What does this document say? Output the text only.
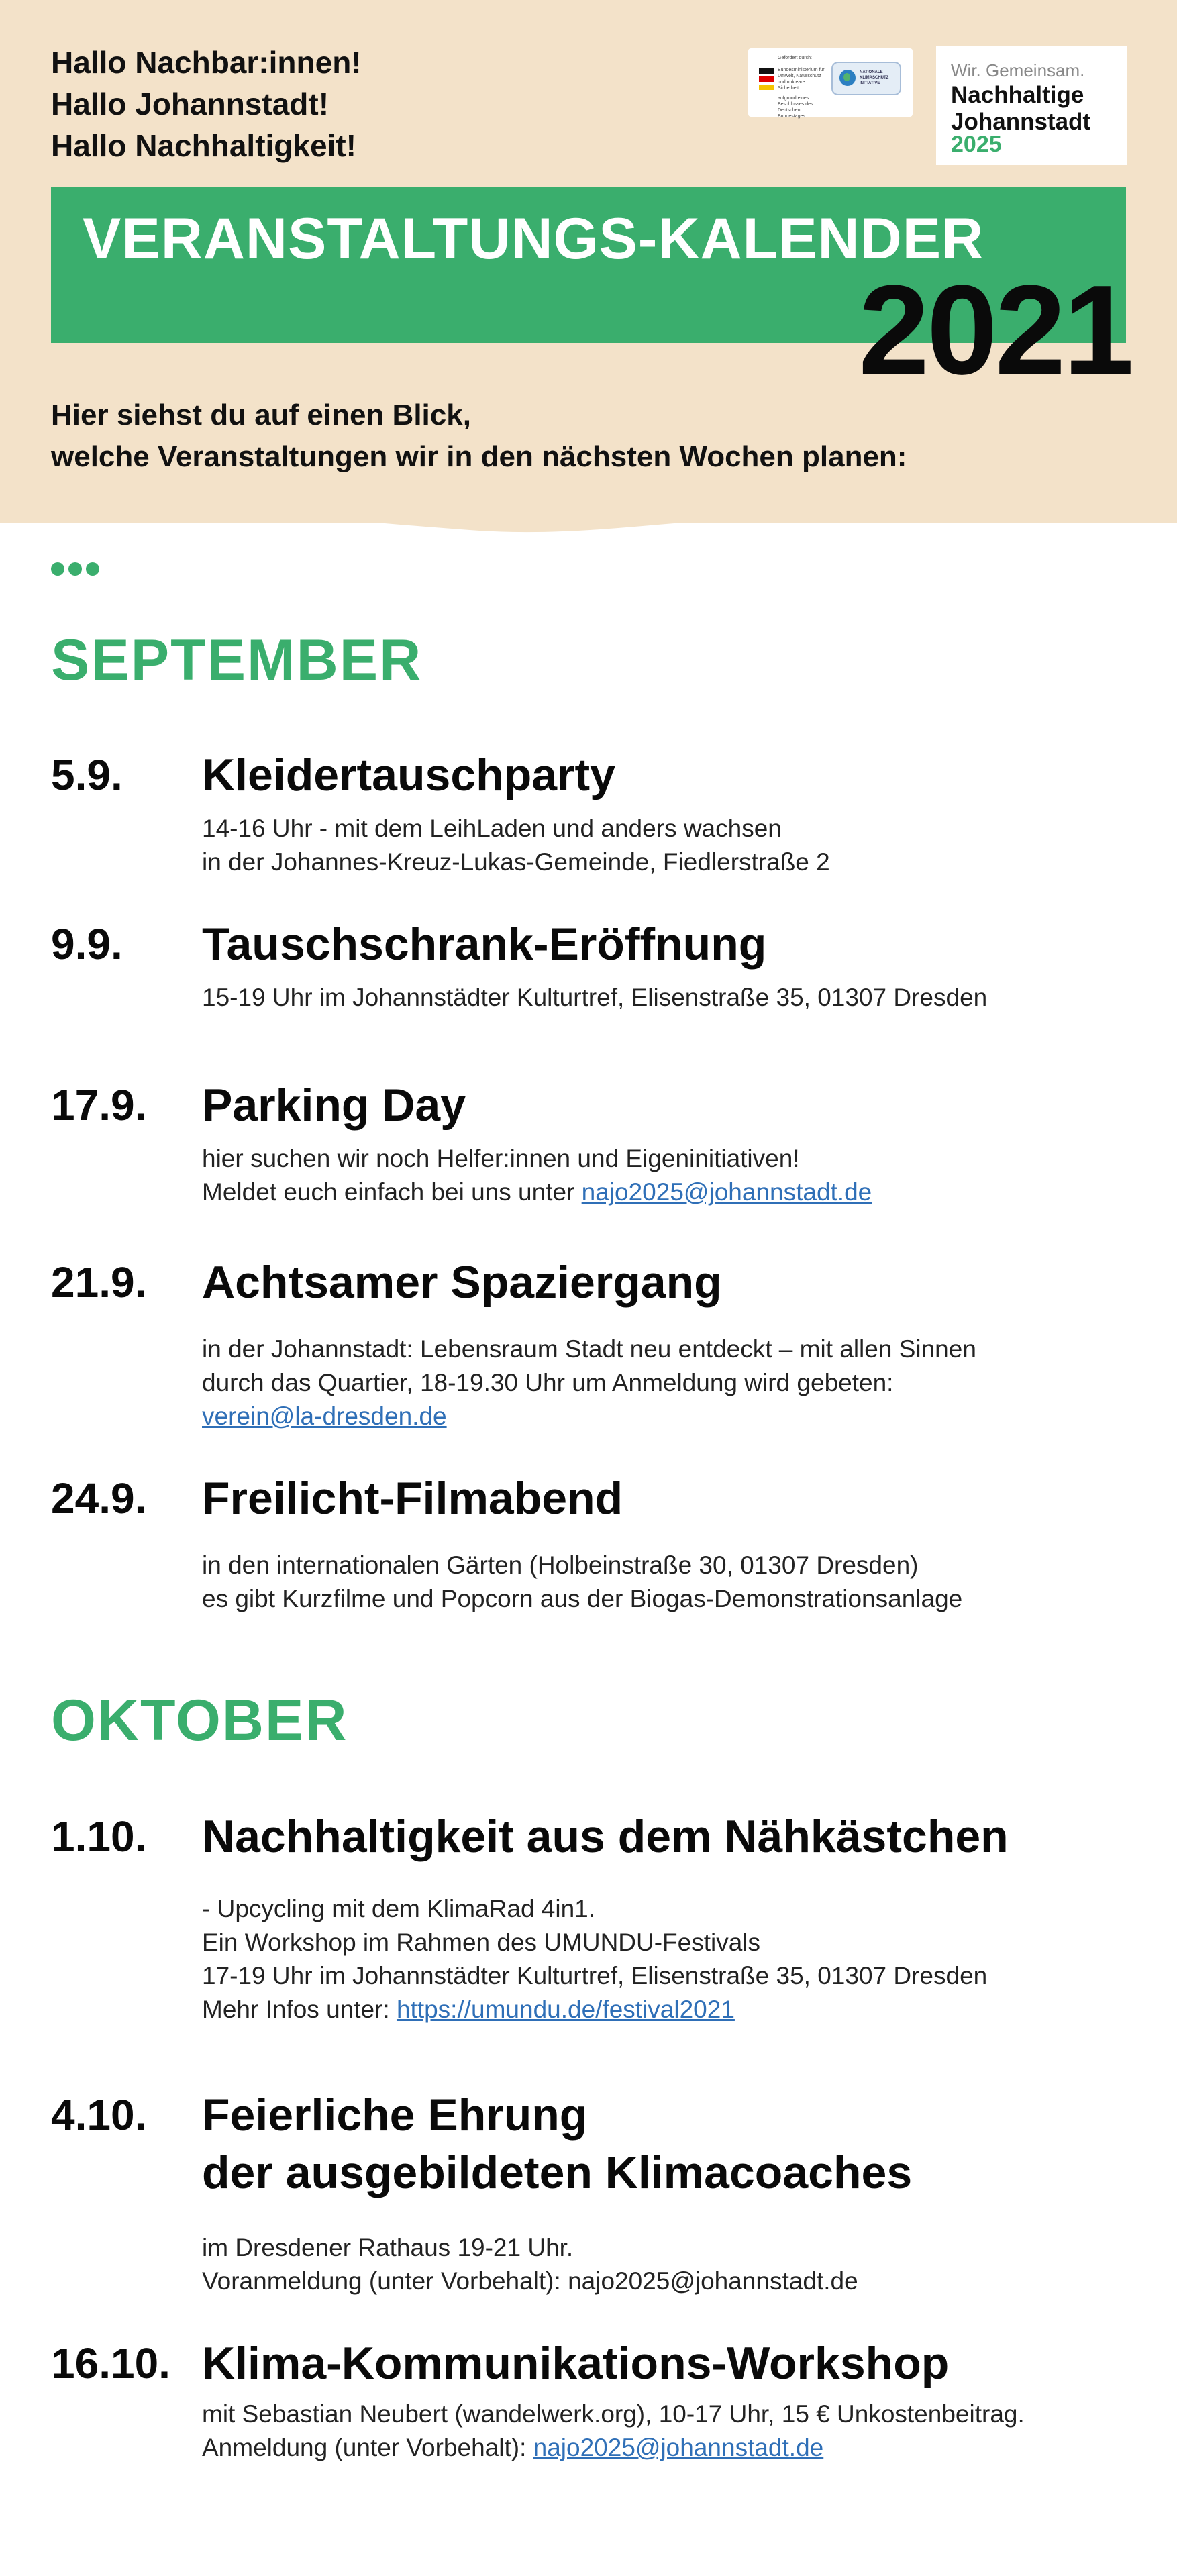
Hallo Nachbar:innen!
Hallo Johannstadt!
Hallo Nachhaltigkeit!
Gefördert durch:
Bundesministerium für Umwelt, Naturschutz und nukleare Sicherheit
aufgrund eines Beschlusses des Deutschen Bundestages
NATIONALE KLIMASCHUTZ INITIATIVE
Wir. Gemeinsam.
Nachhaltige
Johannstadt
2025
VERANSTALTUNGS-KALENDER
2021
Hier siehst du auf einen Blick,
welche Veranstaltungen wir in den nächsten Wochen planen:
SEPTEMBER
5.9. Kleidertauschparty
14-16 Uhr - mit dem LeihLaden und anders wachsen
in der Johannes-Kreuz-Lukas-Gemeinde, Fiedlerstraße 2
9.9. Tauschschrank-Eröffnung
15-19 Uhr im Johannstädter Kulturtref, Elisenstraße 35, 01307 Dresden
17.9. Parking Day
hier suchen wir noch Helfer:innen und Eigeninitiativen!
Meldet euch einfach bei uns unter najo2025@johannstadt.de
21.9. Achtsamer Spaziergang
in der Johannstadt: Lebensraum Stadt neu entdeckt – mit allen Sinnen
durch das Quartier, 18-19.30 Uhr um Anmeldung wird gebeten:
verein@la-dresden.de
24.9. Freilicht-Filmabend
in den internationalen Gärten (Holbeinstraße 30, 01307 Dresden)
es gibt Kurzfilme und Popcorn aus der Biogas-Demonstrationsanlage
OKTOBER
1.10. Nachhaltigkeit aus dem Nähkästchen
- Upcycling mit dem KlimaRad 4in1.
Ein Workshop im Rahmen des UMUNDU-Festivals
17-19 Uhr im Johannstädter Kulturtref, Elisenstraße 35, 01307 Dresden
Mehr Infos unter: https://umundu.de/festival2021
4.10. Feierliche Ehrung
der ausgebildeten Klimacoaches
im Dresdener Rathaus 19-21 Uhr.
Voranmeldung (unter Vorbehalt): najo2025@johannstadt.de
16.10. Klima-Kommunikations-Workshop
mit Sebastian Neubert (wandelwerk.org), 10-17 Uhr, 15 € Unkostenbeitrag.
Anmeldung (unter Vorbehalt): najo2025@johannstadt.de
